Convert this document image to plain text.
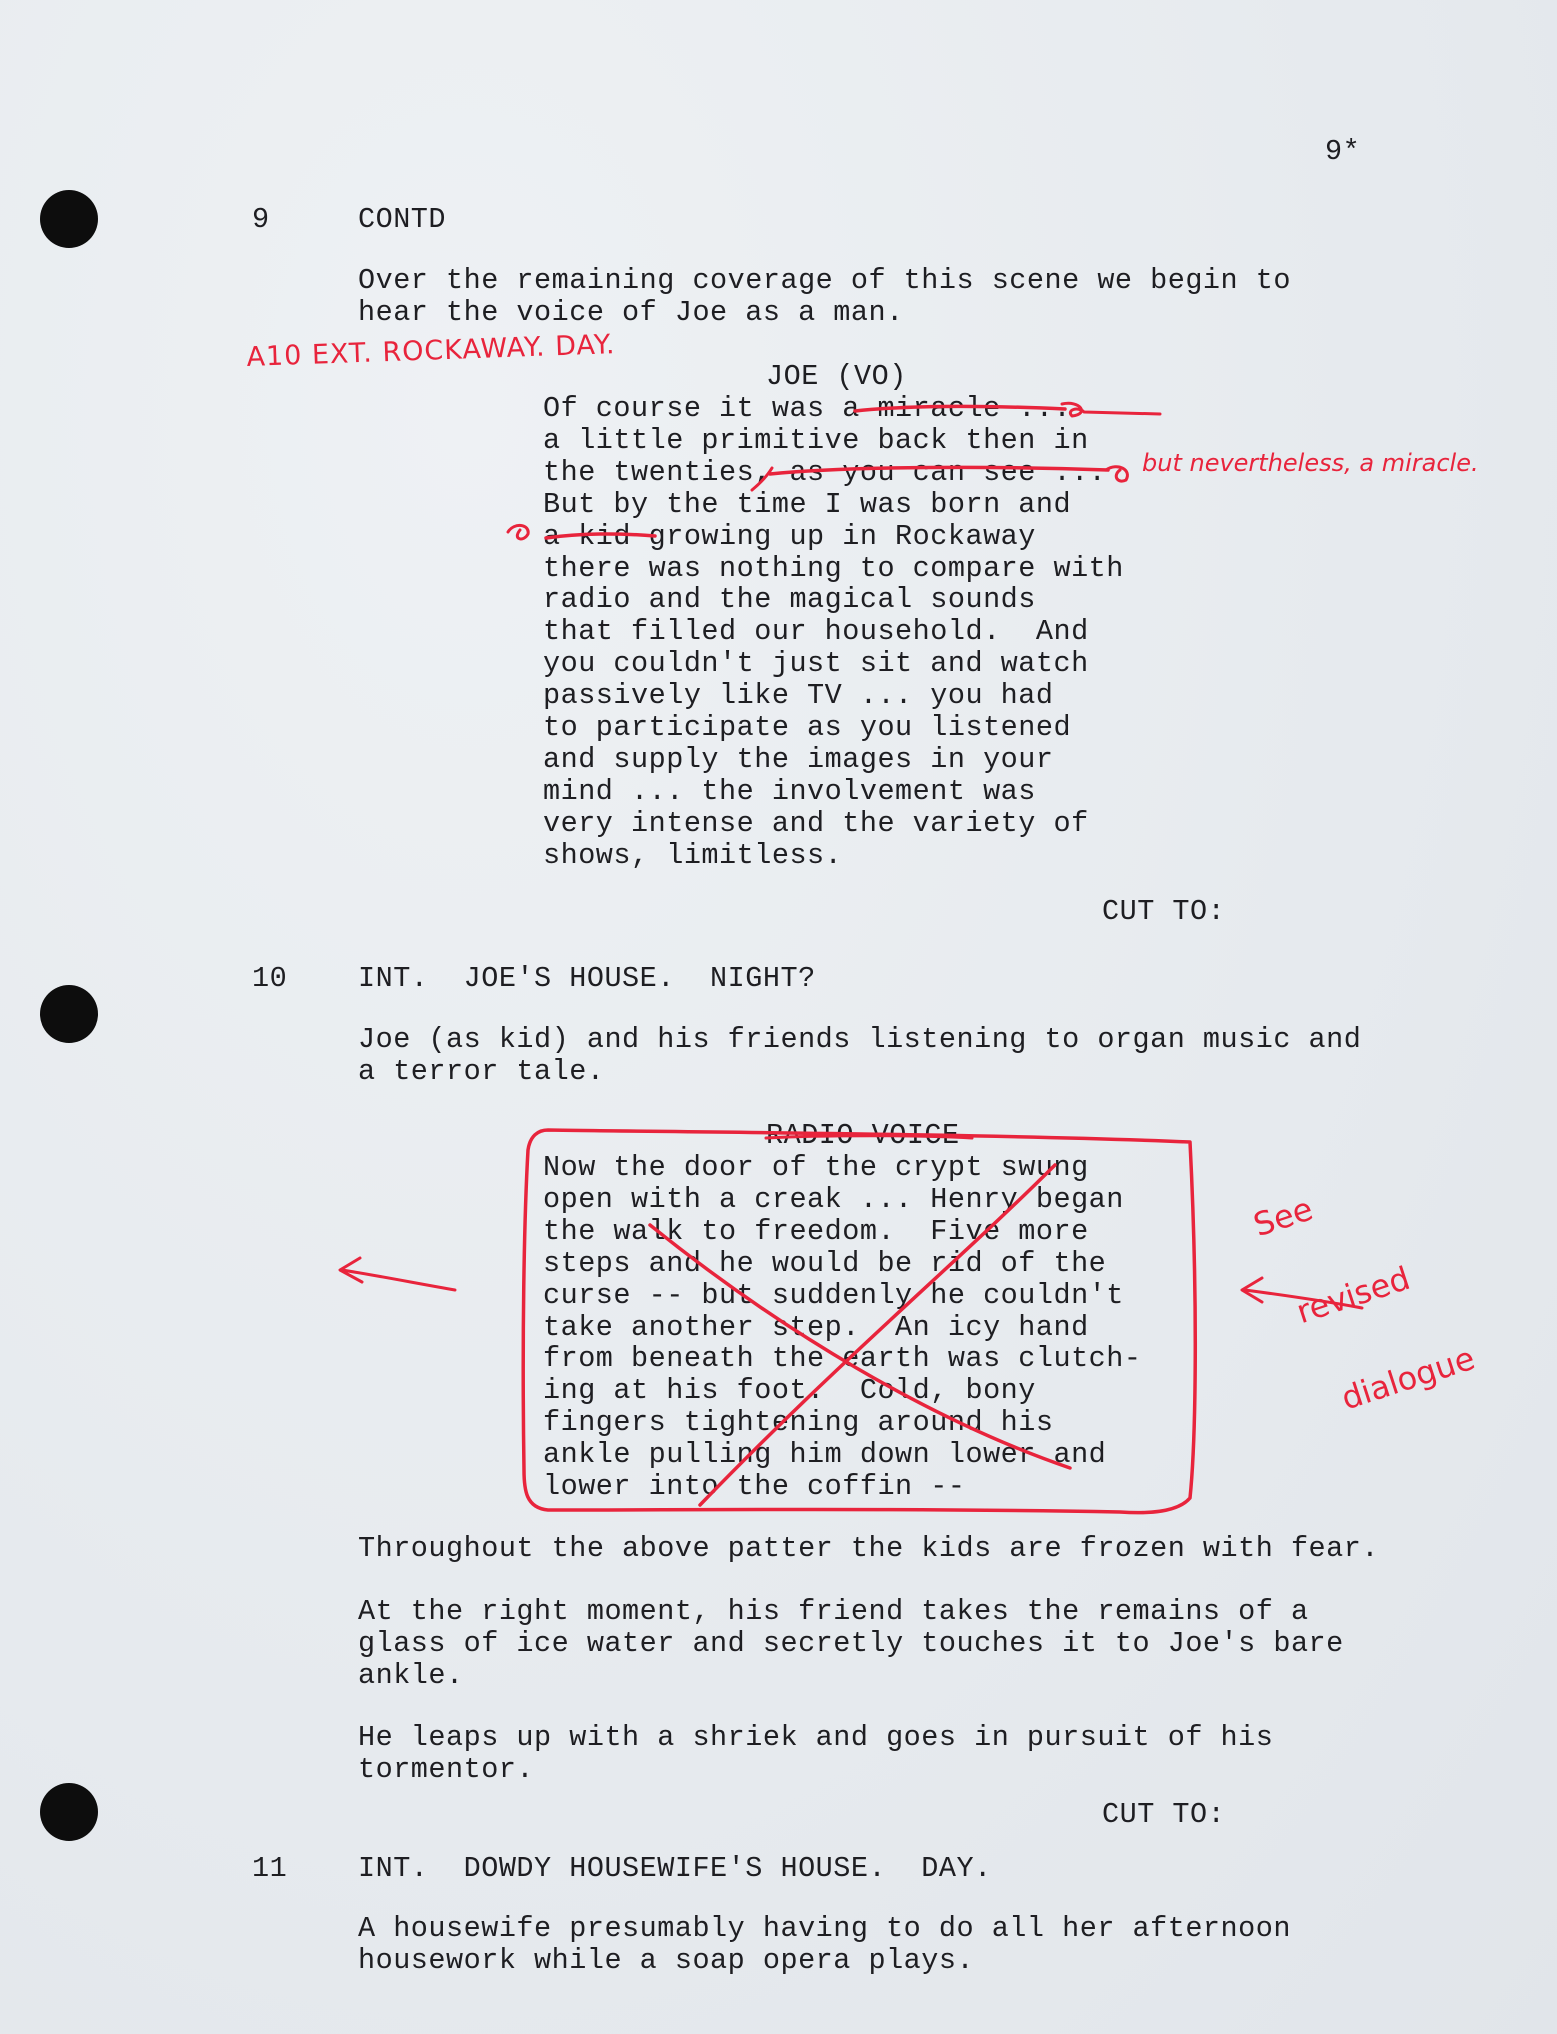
9*
9	CONTD
Over the remaining coverage of this scene we begin to
hear the voice of Joe as a man.
A10 EXT. ROCKAWAY. DAY.
JOE (VO)
Of course it was a miracle ...
a little primitive back then in
the twenties, as you can see ...
But by the time I was born and
a kid growing up in Rockaway
there was nothing to compare with
radio and the magical sounds
that filled our household.  And
you couldn't just sit and watch
passively like TV ... you had
to participate as you listened
and supply the images in your
mind ... the involvement was
very intense and the variety of
shows, limitless.
but nevertheless, a miracle.
CUT TO:
10 INT.  JOE'S HOUSE.  NIGHT?
Joe (as kid) and his friends listening to organ music and
a terror tale.
RADIO VOICE
Now the door of the crypt swung
open with a creak ... Henry began
the walk to freedom.  Five more
steps and he would be rid of the
curse -- but suddenly he couldn't
take another step.  An icy hand
from beneath the earth was clutch-
ing at his foot.  Cold, bony
fingers tightening around his
ankle pulling him down lower and
lower into the coffin --

See

revised

dialogue

Throughout the above patter the kids are frozen with fear.
At the right moment, his friend takes the remains of a
glass of ice water and secretly touches it to Joe's bare
ankle.
He leaps up with a shriek and goes in pursuit of his
tormentor.
CUT TO:
11 INT.  DOWDY HOUSEWIFE'S HOUSE.  DAY.
A housewife presumably having to do all her afternoon
housework while a soap opera plays.
